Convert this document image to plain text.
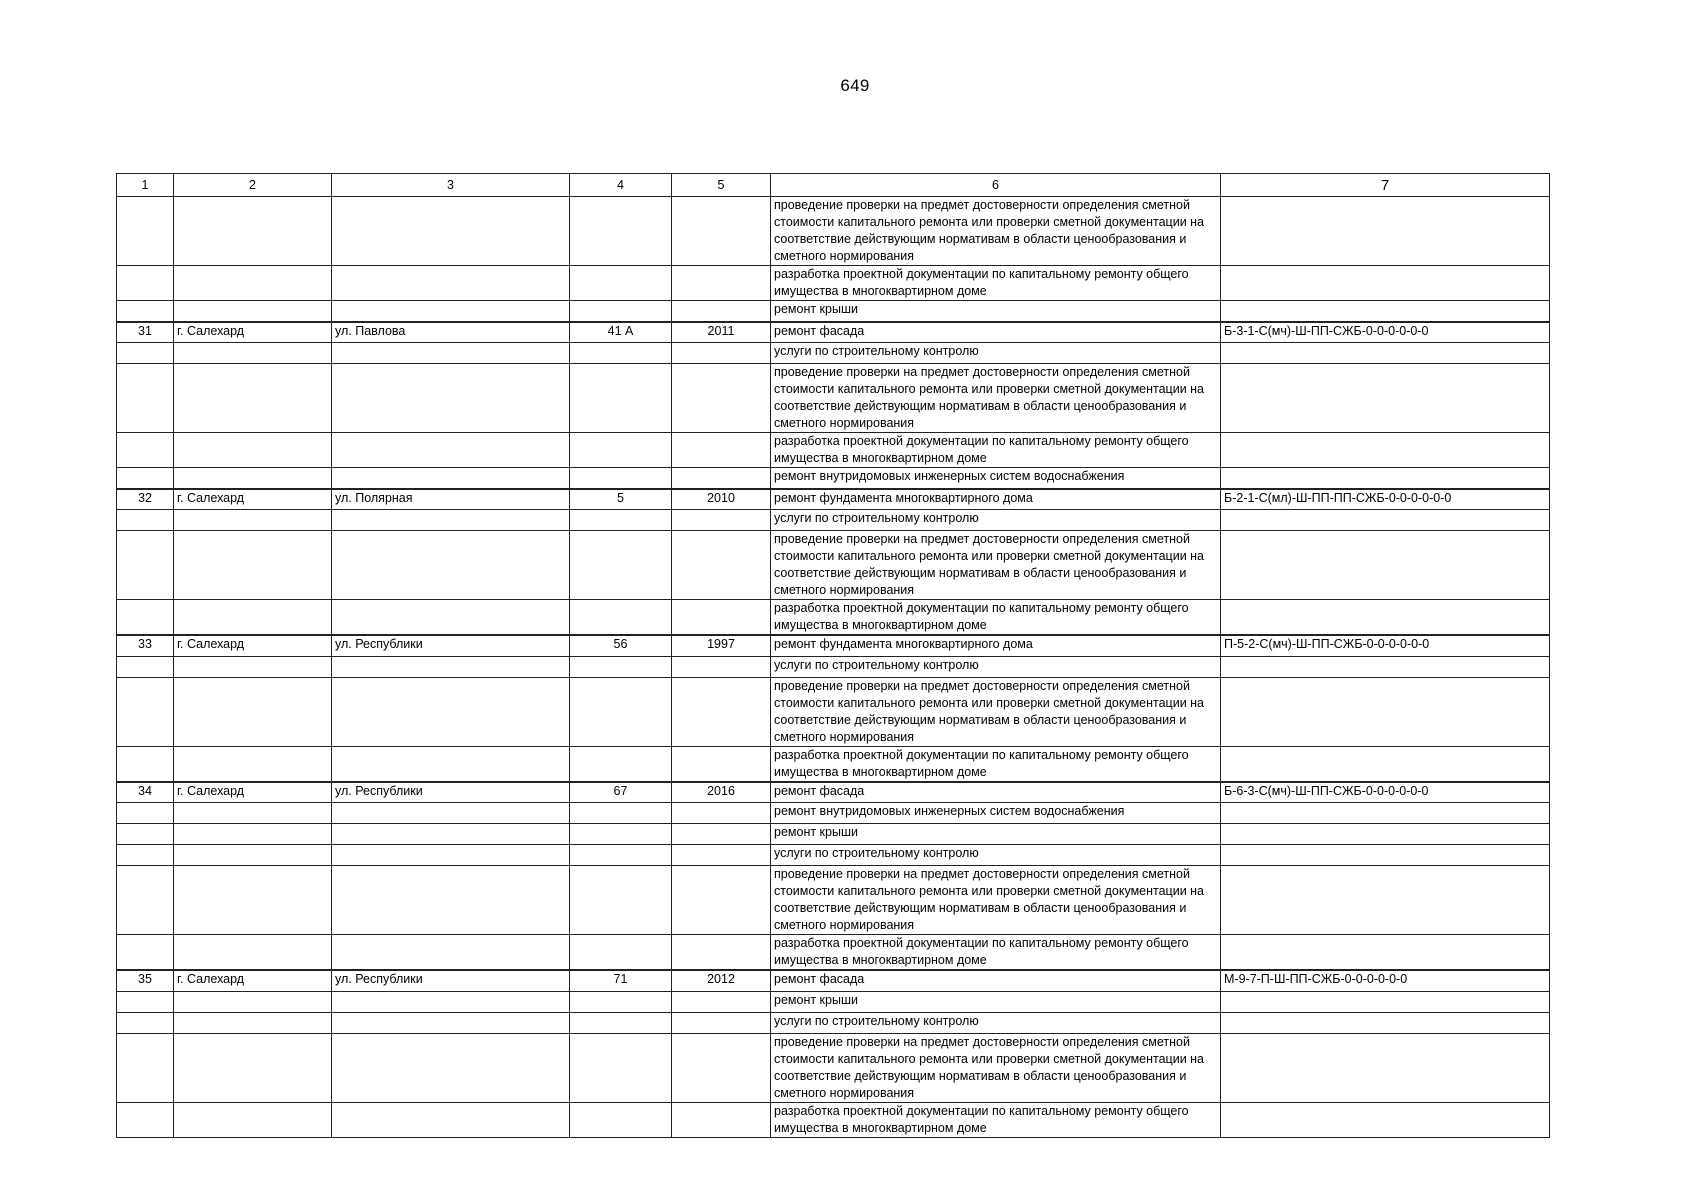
649
1	2	3	4	5	6	7
					проведение проверки на предмет достоверности определения сметной стоимости капитального ремонта или проверки сметной документации на соответствие действующим нормативам в области ценообразования и сметного нормирования	
					разработка проектной документации по капитальному ремонту общего имущества в многоквартирном доме	
					ремонт крыши	
31	г. Салехард	ул. Павлова	41 А	2011	ремонт фасада	Б-3-1-С(мч)-Ш-ПП-СЖБ-0-0-0-0-0-0
					услуги по строительному контролю	
					проведение проверки на предмет достоверности определения сметной стоимости капитального ремонта или проверки сметной документации на соответствие действующим нормативам в области ценообразования и сметного нормирования	
					разработка проектной документации по капитальному ремонту общего имущества в многоквартирном доме	
					ремонт внутридомовых инженерных систем водоснабжения	
32	г. Салехард	ул. Полярная	5	2010	ремонт фундамента многоквартирного дома	Б-2-1-С(мл)-Ш-ПП-ПП-СЖБ-0-0-0-0-0-0
					услуги по строительному контролю	
					проведение проверки на предмет достоверности определения сметной стоимости капитального ремонта или проверки сметной документации на соответствие действующим нормативам в области ценообразования и сметного нормирования	
					разработка проектной документации по капитальному ремонту общего имущества в многоквартирном доме	
33	г. Салехард	ул. Республики	56	1997	ремонт фундамента многоквартирного дома	П-5-2-С(мч)-Ш-ПП-СЖБ-0-0-0-0-0-0
					услуги по строительному контролю	
					проведение проверки на предмет достоверности определения сметной стоимости капитального ремонта или проверки сметной документации на соответствие действующим нормативам в области ценообразования и сметного нормирования	
					разработка проектной документации по капитальному ремонту общего имущества в многоквартирном доме	
34	г. Салехард	ул. Республики	67	2016	ремонт фасада	Б-6-3-С(мч)-Ш-ПП-СЖБ-0-0-0-0-0-0
					ремонт внутридомовых инженерных систем водоснабжения	
					ремонт крыши	
					услуги по строительному контролю	
					проведение проверки на предмет достоверности определения сметной стоимости капитального ремонта или проверки сметной документации на соответствие действующим нормативам в области ценообразования и сметного нормирования	
					разработка проектной документации по капитальному ремонту общего имущества в многоквартирном доме	
35	г. Салехард	ул. Республики	71	2012	ремонт фасада	М-9-7-П-Ш-ПП-СЖБ-0-0-0-0-0-0
					ремонт крыши	
					услуги по строительному контролю	
					проведение проверки на предмет достоверности определения сметной стоимости капитального ремонта или проверки сметной документации на соответствие действующим нормативам в области ценообразования и сметного нормирования	
					разработка проектной документации по капитальному ремонту общего имущества в многоквартирном доме	
